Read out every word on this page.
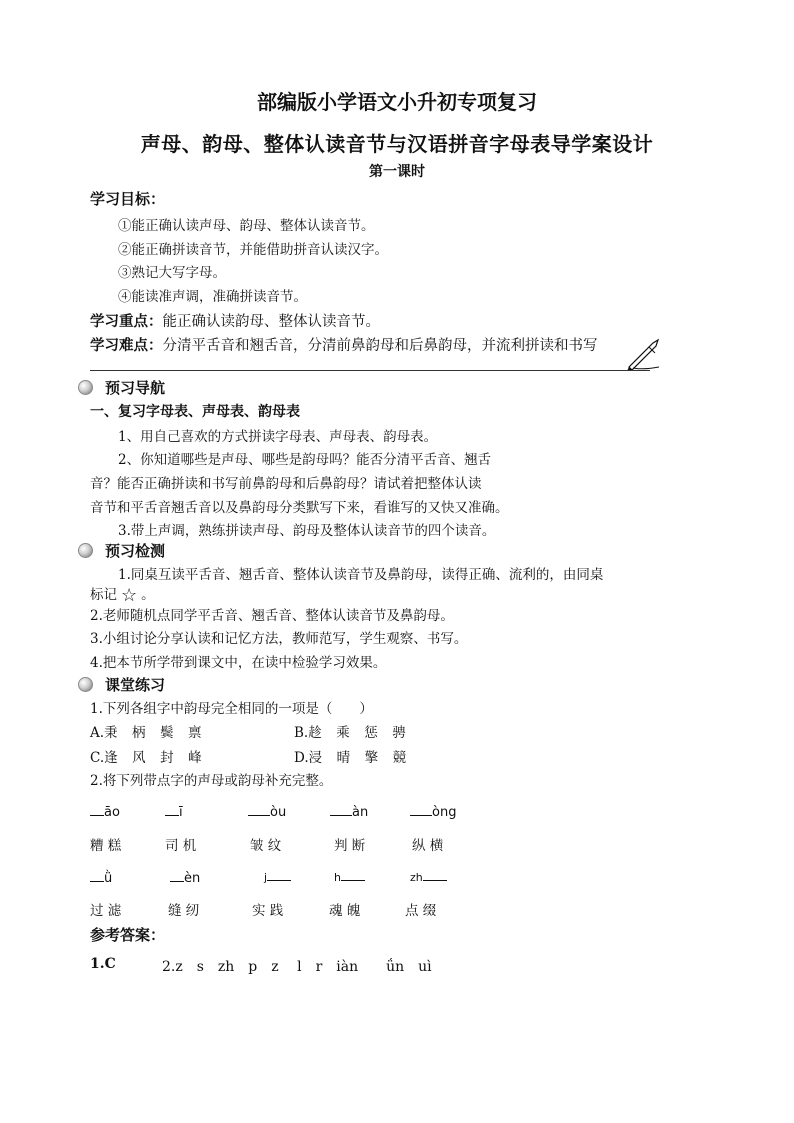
部编版小学语文小升初专项复习
声母、韵母、整体认读音节与汉语拼音字母表导学案设计
第一课时
学习目标：
①能正确认读声母、韵母、整体认读音节。
②能正确拼读音节，并能借助拼音认读汉字。
③熟记大写字母。
④能读准声调，准确拼读音节。
学习重点：能正确认读韵母、整体认读音节。
学习难点：分清平舌音和翘舌音，分清前鼻韵母和后鼻韵母，并流利拼读和书写
预习导航
一、复习字母表、声母表、韵母表
1、用自己喜欢的方式拼读字母表、声母表、韵母表。
2、你知道哪些是声母、哪些是韵母吗？能否分清平舌音、翘舌
音？能否正确拼读和书写前鼻韵母和后鼻韵母？请试着把整体认读
音节和平舌音翘舌音以及鼻韵母分类默写下来，看谁写的又快又准确。
3.带上声调，熟练拼读声母、韵母及整体认读音节的四个读音。
预习检测
1.同桌互读平舌音、翘舌音、整体认读音节及鼻韵母，读得正确、流利的，由同桌
标记 ☆ 。
2.老师随机点同学平舌音、翘舌音、整体认读音节及鼻韵母。
3.小组讨论分享认读和记忆方法，教师范写，学生观察、书写。
4.把本节所学带到课文中，在读中检验学习效果。
课堂练习
1.下列各组字中韵母完全相同的一项是（　　）
A.秉 柄 鬓 禀	B.趁 乘 惩 骋
C.逢 风 封 峰	D.浸 晴 擎 競
2.将下列带点字的声母或韵母补充完整。
āo	ī	òu	àn	òng
糟 糕	司 机	皱 纹	判 断	纵 横
ǜ	èn	j	h	zh
过 滤	缝 纫	实 践	魂 魄	点 缀
参考答案：
1.C	2.z　s　zh　p　z　 l　r　iàn　　ǘn　uì
